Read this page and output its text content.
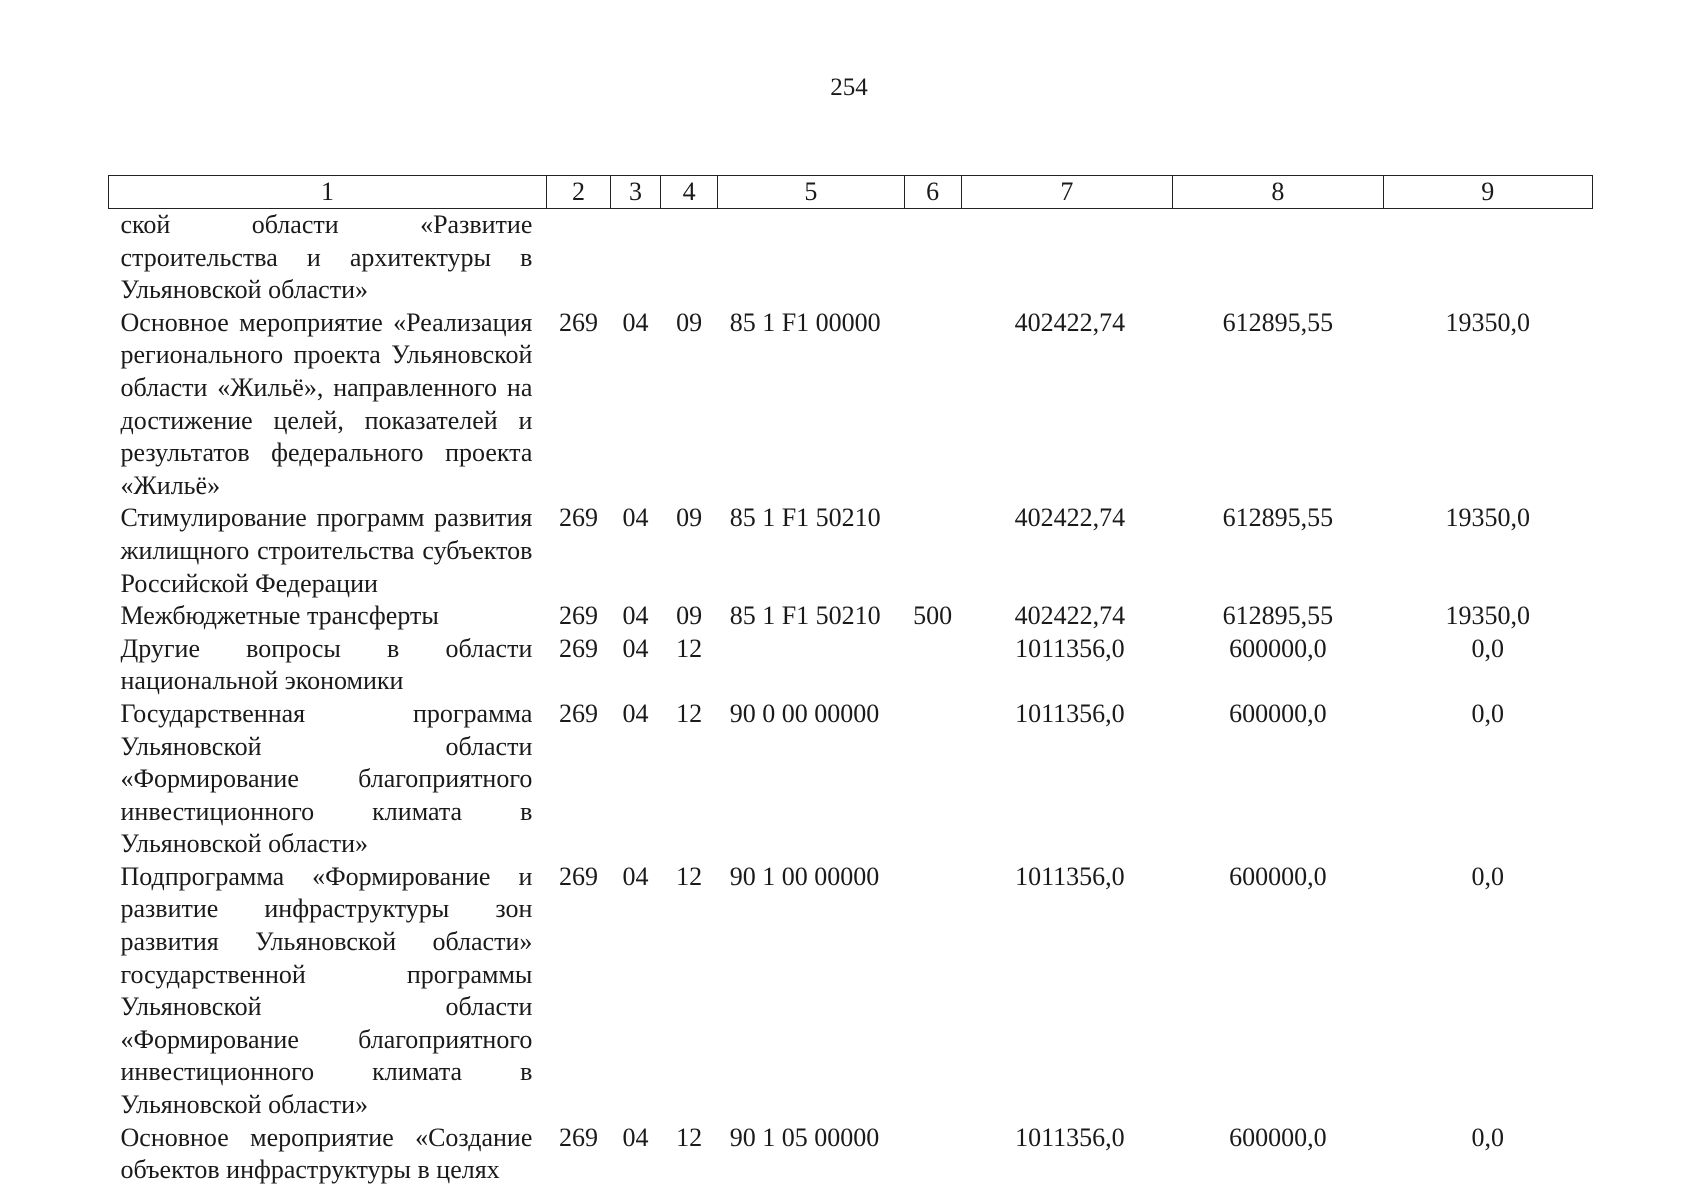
254
1	2	3	4	5	6	7	8	9
ской области «Развитие строительства и архитектуры в Ульяновской области»								
Основное мероприятие «Реализация регионального проекта Ульяновской области «Жильё», направленного на достижение целей, показателей и результатов федерального проекта «Жильё»	269	04	09	85 1 F1 00000		402422,74	612895,55	19350,0
Стимулирование программ развития жилищного строительства субъектов Российской Федерации	269	04	09	85 1 F1 50210		402422,74	612895,55	19350,0
Межбюджетные трансферты	269	04	09	85 1 F1 50210	500	402422,74	612895,55	19350,0
Другие вопросы в области национальной экономики	269	04	12			1011356,0	600000,0	0,0
Государственная программа Ульяновской области «Формирование благоприятного инвестиционного климата в Ульяновской области»	269	04	12	90 0 00 00000		1011356,0	600000,0	0,0
Подпрограмма «Формирование и развитие инфраструктуры зон развития Ульяновской области» государственной программы Ульяновской области «Формирование благоприятного инвестиционного климата в Ульяновской области»	269	04	12	90 1 00 00000		1011356,0	600000,0	0,0
Основное мероприятие «Создание объектов инфраструктуры в целях	269	04	12	90 1 05 00000		1011356,0	600000,0	0,0
